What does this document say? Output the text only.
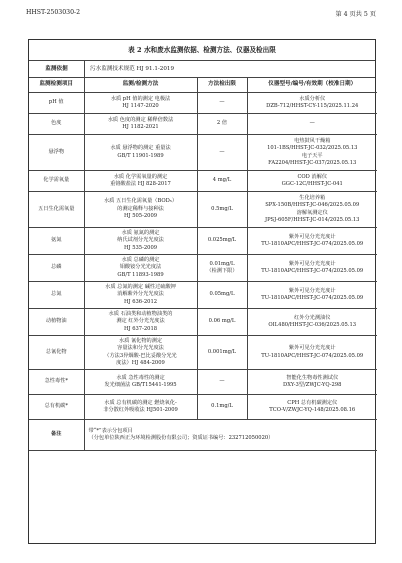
HHST-2503030-2	第 4 页共 5 页
表 2 水和废水监测依据、检测方法、仪器及检出限
监测依据	污水监测技术规范 HJ 91.1-2019
监测检测项目	监测/检测方法	方法检出限	仪器型号/编号/有效期（校准日期）
pH 值	水质 pH 值的测定 电极法
HJ 1147-2020	—	水质分析仪
DZB-712/HHST-CY-115/2025.11.24
色度	水质 色度的测定 稀释倍数法
HJ 1182-2021	2 倍	—
悬浮物	水质 悬浮物的测定 重量法
GB/T 11901-1989	—	电热鼓风干燥箱
101-1BS/HHST-JC-032/2025.05.13
电子天平
FA2204/HHST-JC-037/2025.05.13
化学需氧量	水质 化学需氧量的测定
重铬酸盐法 HJ 828-2017	4 mg/L	COD 消解仪
GGC-12C/HHST-JC-041
五日生化需氧量	水质 五日生化需氧量（BOD₅）
的测定稀释与接种法
HJ 505-2009	0.5mg/L	生化培养箱
SPX-150B/HHST-JC-046/2025.05.09
溶解氧测定仪
JPSJ-605F/HHST-JC-014/2025.05.13
氨氮	水质 氨氮的测定
纳氏试剂分光光度法
HJ 535-2009	0.025mg/L	紫外可见分光光度计
TU-1810APC/HHST-JC-074/2025.05.09
总磷	水质 总磷的测定
钼酸铵分光光度法
GB/T 11893-1989	0.01mg/L
（检测下限）	紫外可见分光光度计
TU-1810APC/HHST-JC-074/2025.05.09
总氮	水质 总氮的测定 碱性过硫酸钾
消解紫外分光光度法
HJ 636-2012	0.05mg/L	紫外可见分光光度计
TU-1810APC/HHST-JC-074/2025.05.09
动植物油	水质 石油类和动植物油类的
测定 红外分光光度法
HJ 637-2018	0.06 mg/L	红外分光测油仪
OIL480/HHST-JC-036/2025.05.13
总氰化物	水质 氰化物的测定
容量法和分光光度法
（方法3异烟酸-巴比妥酸分光光
度法）HJ 484-2009	0.001mg/L	紫外可见分光光度计
TU-1810APC/HHST-JC-074/2025.05.09
急性毒性*	水质 急性毒性的测定
发光细菌法 GB/T15441-1995	—	智能化生物毒性测试仪
DXY-3型/ZWJC-YQ-298
总有机碳*	水质 总有机碳的测定 燃烧氧化-
非分散红外吸收法 HJ501-2009	0.1mg/L	CPH 总有机碳测定仪
TCO-V/ZWJC-YQ-148/2025.08.16
备注	带“*”表示分包项目
（分包单位陕西正为环境检测股份有限公司；资质证书编号：232712050020）		
